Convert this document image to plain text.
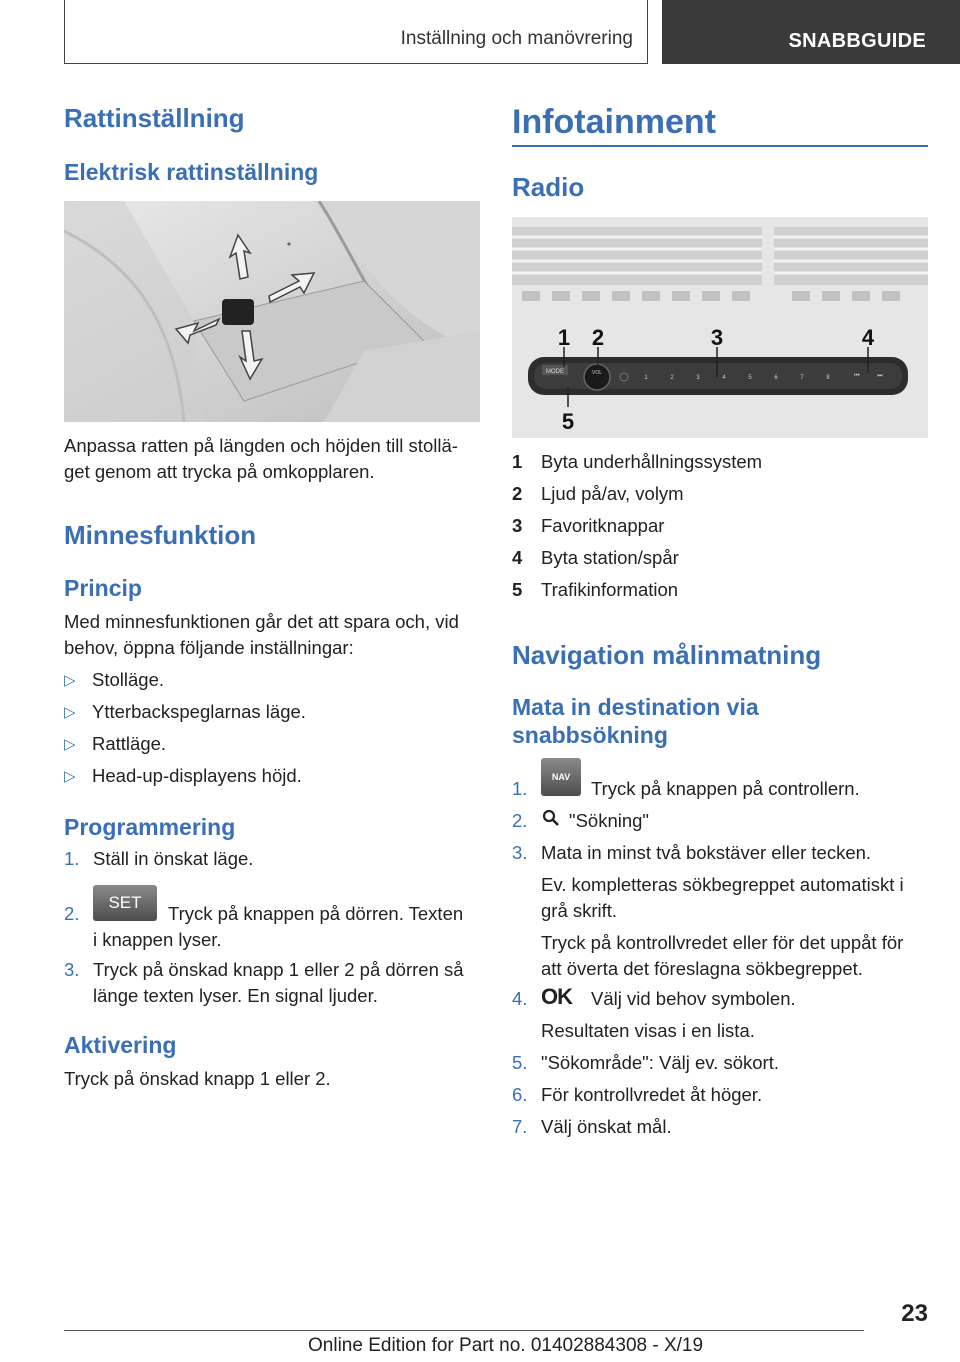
Inställning och manövrering	SNABBGUIDE
Rattinställning
Elektrisk rattinställning
Anpassa ratten på längden och höjden till stollä‐
get genom att trycka på omkopplaren.
Minnesfunktion
Princip
Med minnesfunktionen går det att spara och, vid
behov, öppna följande inställningar:
▷ Stolläge.
▷ Ytterbackspeglarnas läge.
▷ Rattläge.
▷ Head-up-displayens höjd.
Programmering
1. Ställ in önskat läge.
2.
SET
Tryck på knappen på dörren. Texten
i knappen lyser.
3. Tryck på önskad knapp 1 eller 2 på dörren så
länge texten lyser. En signal ljuder.
Aktivering
Tryck på önskad knapp 1 eller 2.
Infotainment
Radio
MODE	VOL
1	2	3	4	5	6	7	8	⏮	⏭
1 2	3	4
5
1 Byta underhållningssystem
2 Ljud på/av, volym
3 Favoritknappar
4 Byta station/spår
5 Trafikinformation
Navigation målinmatning
Mata in destination via
snabbsökning
1.
NAV
Tryck på knappen på controllern.
2. "Sökning"
3. Mata in minst två bokstäver eller tecken.
Ev. kompletteras sökbegreppet automatiskt i
grå skrift.
Tryck på kontrollvredet eller för det uppåt för
att överta det föreslagna sökbegreppet.
4. OK Välj vid behov symbolen.
Resultaten visas i en lista.
5. "Sökområde": Välj ev. sökort.
6. För kontrollvredet åt höger.
7. Välj önskat mål.
23
Online Edition for Part no. 01402884308 - X/19
